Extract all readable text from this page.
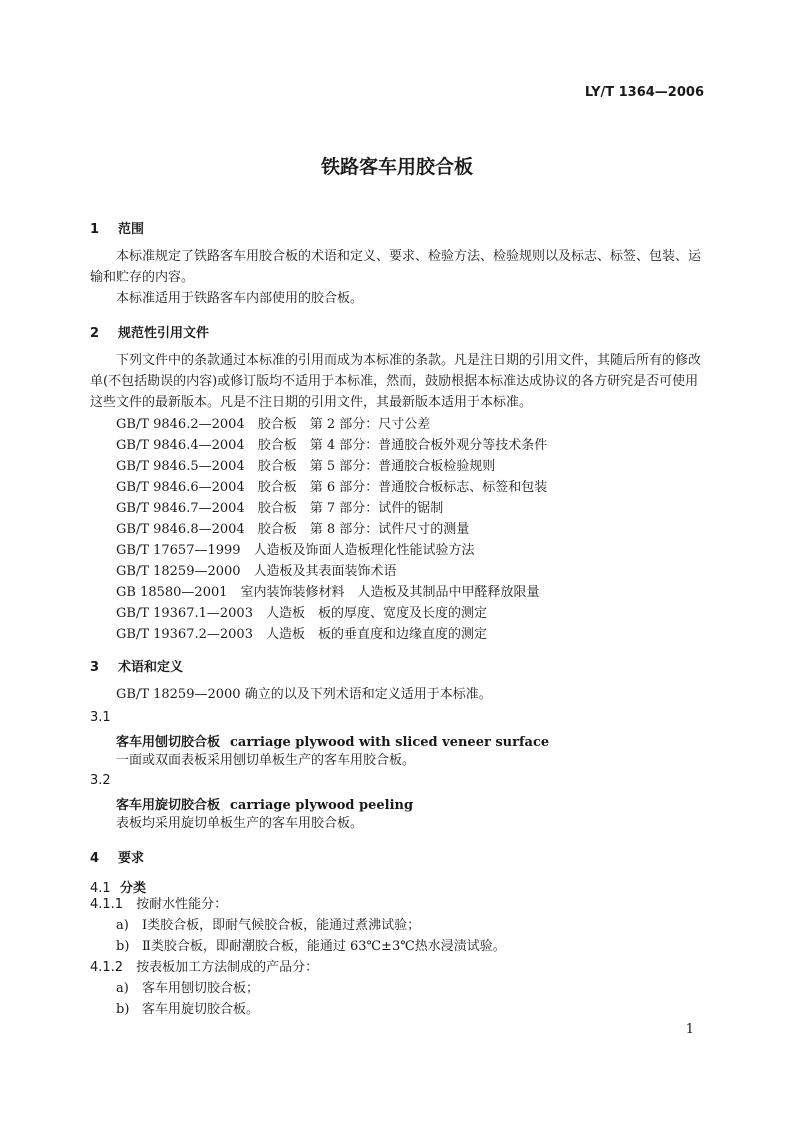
LY/T 1364—2006
铁路客车用胶合板
1 范围
本标准规定了铁路客车用胶合板的术语和定义、要求、检验方法、检验规则以及标志、标签、包装、运输和贮存的内容。
本标准适用于铁路客车内部使用的胶合板。
2 规范性引用文件
下列文件中的条款通过本标准的引用而成为本标准的条款。凡是注日期的引用文件，其随后所有的修改单(不包括勘误的内容)或修订版均不适用于本标准，然而，鼓励根据本标准达成协议的各方研究是否可使用这些文件的最新版本。凡是不注日期的引用文件，其最新版本适用于本标准。
GB/T 9846.2—2004　胶合板　第 2 部分：尺寸公差
GB/T 9846.4—2004　胶合板　第 4 部分：普通胶合板外观分等技术条件
GB/T 9846.5—2004　胶合板　第 5 部分：普通胶合板检验规则
GB/T 9846.6—2004　胶合板　第 6 部分：普通胶合板标志、标签和包装
GB/T 9846.7—2004　胶合板　第 7 部分：试件的锯制
GB/T 9846.8—2004　胶合板　第 8 部分：试件尺寸的测量
GB/T 17657—1999　人造板及饰面人造板理化性能试验方法
GB/T 18259—2000　人造板及其表面装饰术语
GB 18580—2001　室内装饰装修材料　人造板及其制品中甲醛释放限量
GB/T 19367.1—2003　人造板　板的厚度、宽度及长度的测定
GB/T 19367.2—2003　人造板　板的垂直度和边缘直度的测定
3 术语和定义
GB/T 18259—2000 确立的以及下列术语和定义适用于本标准。
3.1
客车用刨切胶合板 carriage plywood with sliced veneer surface
一面或双面表板采用刨切单板生产的客车用胶合板。
3.2
客车用旋切胶合板 carriage plywood peeling
表板均采用旋切单板生产的客车用胶合板。
4 要求
4.1 分类
4.1.1　按耐水性能分：
a) Ⅰ类胶合板，即耐气候胶合板，能通过煮沸试验；
b) Ⅱ类胶合板，即耐潮胶合板，能通过 63℃±3℃热水浸渍试验。
4.1.2　按表板加工方法制成的产品分：
a) 客车用刨切胶合板；
b) 客车用旋切胶合板。
1
